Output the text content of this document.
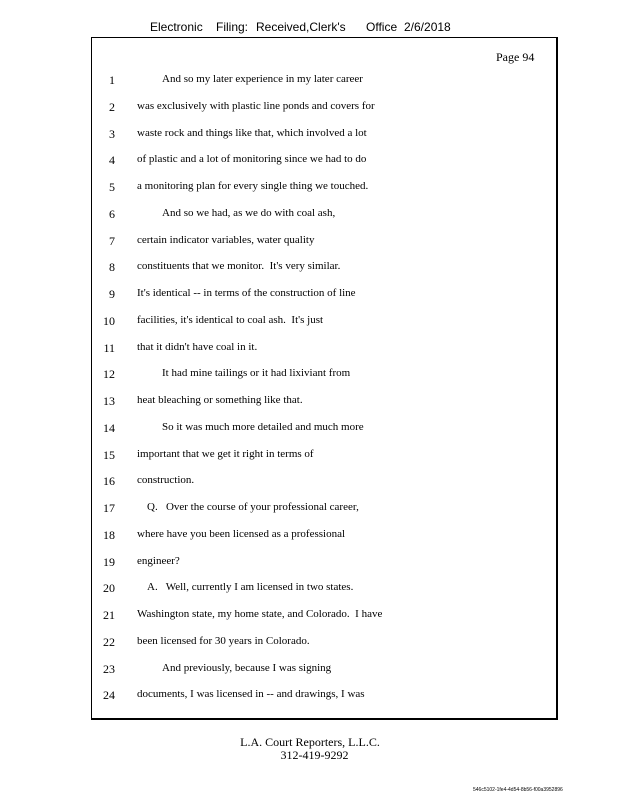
Electronic Filing: Received,Clerk's Office 2/6/2018
Page 94
1	And so my later experience in my later career
2 was exclusively with plastic line ponds and covers for
3 waste rock and things like that, which involved a lot
4 of plastic and a lot of monitoring since we had to do
5 a monitoring plan for every single thing we touched.
6	And so we had, as we do with coal ash,
7 certain indicator variables, water quality
8 constituents that we monitor.  It's very similar.
9 It's identical -- in terms of the construction of line
10 facilities, it's identical to coal ash.  It's just
11 that it didn't have coal in it.
12	It had mine tailings or it had lixiviant from
13 heat bleaching or something like that.
14	So it was much more detailed and much more
15 important that we get it right in terms of
16 construction.
17	Q.   Over the course of your professional career,
18 where have you been licensed as a professional
19 engineer?
20	A.   Well, currently I am licensed in two states.
21 Washington state, my home state, and Colorado.  I have
22 been licensed for 30 years in Colorado.
23	And previously, because I was signing
24 documents, I was licensed in -- and drawings, I was
L.A. Court Reporters, L.L.C.
312-419-9292
546c5102-1fe4-4d54-8b56-f00a3952896
